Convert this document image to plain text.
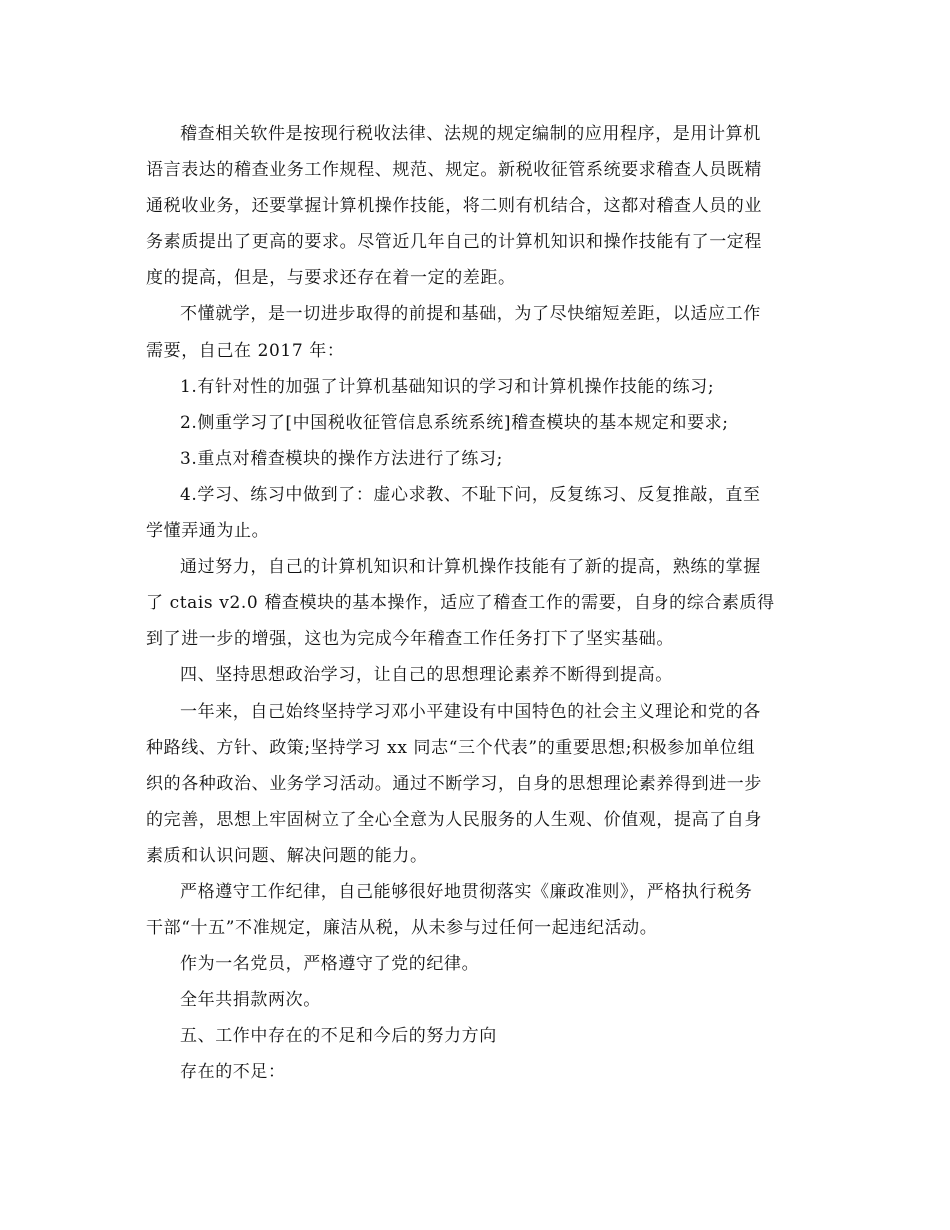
稽查相关软件是按现行税收法律、法规的规定编制的应用程序，是用计算机
语言表达的稽查业务工作规程、规范、规定。新税收征管系统要求稽查人员既精
通税收业务，还要掌握计算机操作技能，将二则有机结合，这都对稽查人员的业
务素质提出了更高的要求。尽管近几年自己的计算机知识和操作技能有了一定程
度的提高，但是，与要求还存在着一定的差距。
不懂就学，是一切进步取得的前提和基础，为了尽快缩短差距，以适应工作
需要，自己在 2017 年：
1.有针对性的加强了计算机基础知识的学习和计算机操作技能的练习;
2.侧重学习了[中国税收征管信息系统系统]稽查模块的基本规定和要求;
3.重点对稽查模块的操作方法进行了练习;
4.学习、练习中做到了：虚心求教、不耻下问，反复练习、反复推敲，直至
学懂弄通为止。
通过努力，自己的计算机知识和计算机操作技能有了新的提高，熟练的掌握
了 ctais v2.0 稽查模块的基本操作，适应了稽查工作的需要，自身的综合素质得
到了进一步的增强，这也为完成今年稽查工作任务打下了坚实基础。
四、坚持思想政治学习，让自己的思想理论素养不断得到提高。
一年来，自己始终坚持学习邓小平建设有中国特色的社会主义理论和党的各
种路线、方针、政策;坚持学习 xx 同志“三个代表”的重要思想;积极参加单位组
织的各种政治、业务学习活动。通过不断学习，自身的思想理论素养得到进一步
的完善，思想上牢固树立了全心全意为人民服务的人生观、价值观，提高了自身
素质和认识问题、解决问题的能力。
严格遵守工作纪律，自己能够很好地贯彻落实《廉政准则》，严格执行税务
干部“十五”不准规定，廉洁从税，从未参与过任何一起违纪活动。
作为一名党员，严格遵守了党的纪律。
全年共捐款两次。
五、工作中存在的不足和今后的努力方向
存在的不足：
